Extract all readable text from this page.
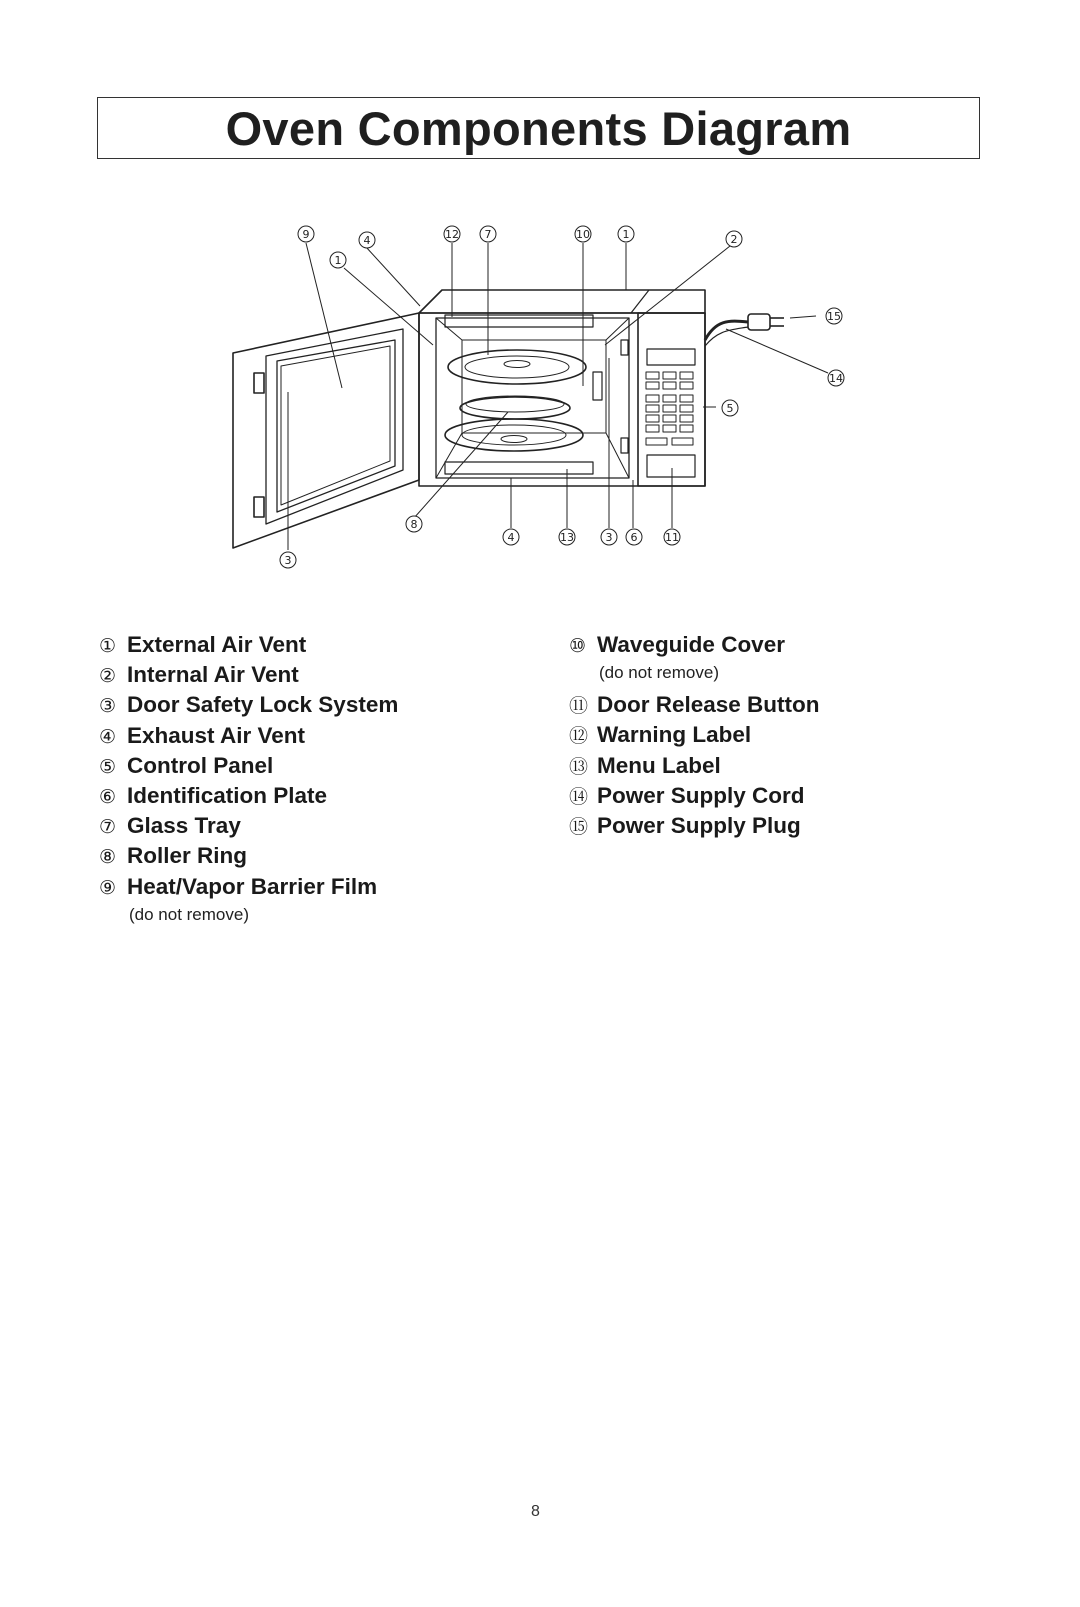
Oven Components Diagram
9	4
1
12 7	10	1	2
15
14
5
8
4	13	3 6	11
3
① External Air Vent
② Internal Air Vent
③ Door Safety Lock System
④ Exhaust Air Vent
⑤ Control Panel
⑥ Identification Plate
⑦ Glass Tray
⑧ Roller Ring
⑨ Heat/Vapor Barrier Film
(do not remove)
⑩ Waveguide Cover
(do not remove)
⑪ Door Release Button
⑫ Warning Label
⑬ Menu Label
⑭ Power Supply Cord
⑮ Power Supply Plug
8
